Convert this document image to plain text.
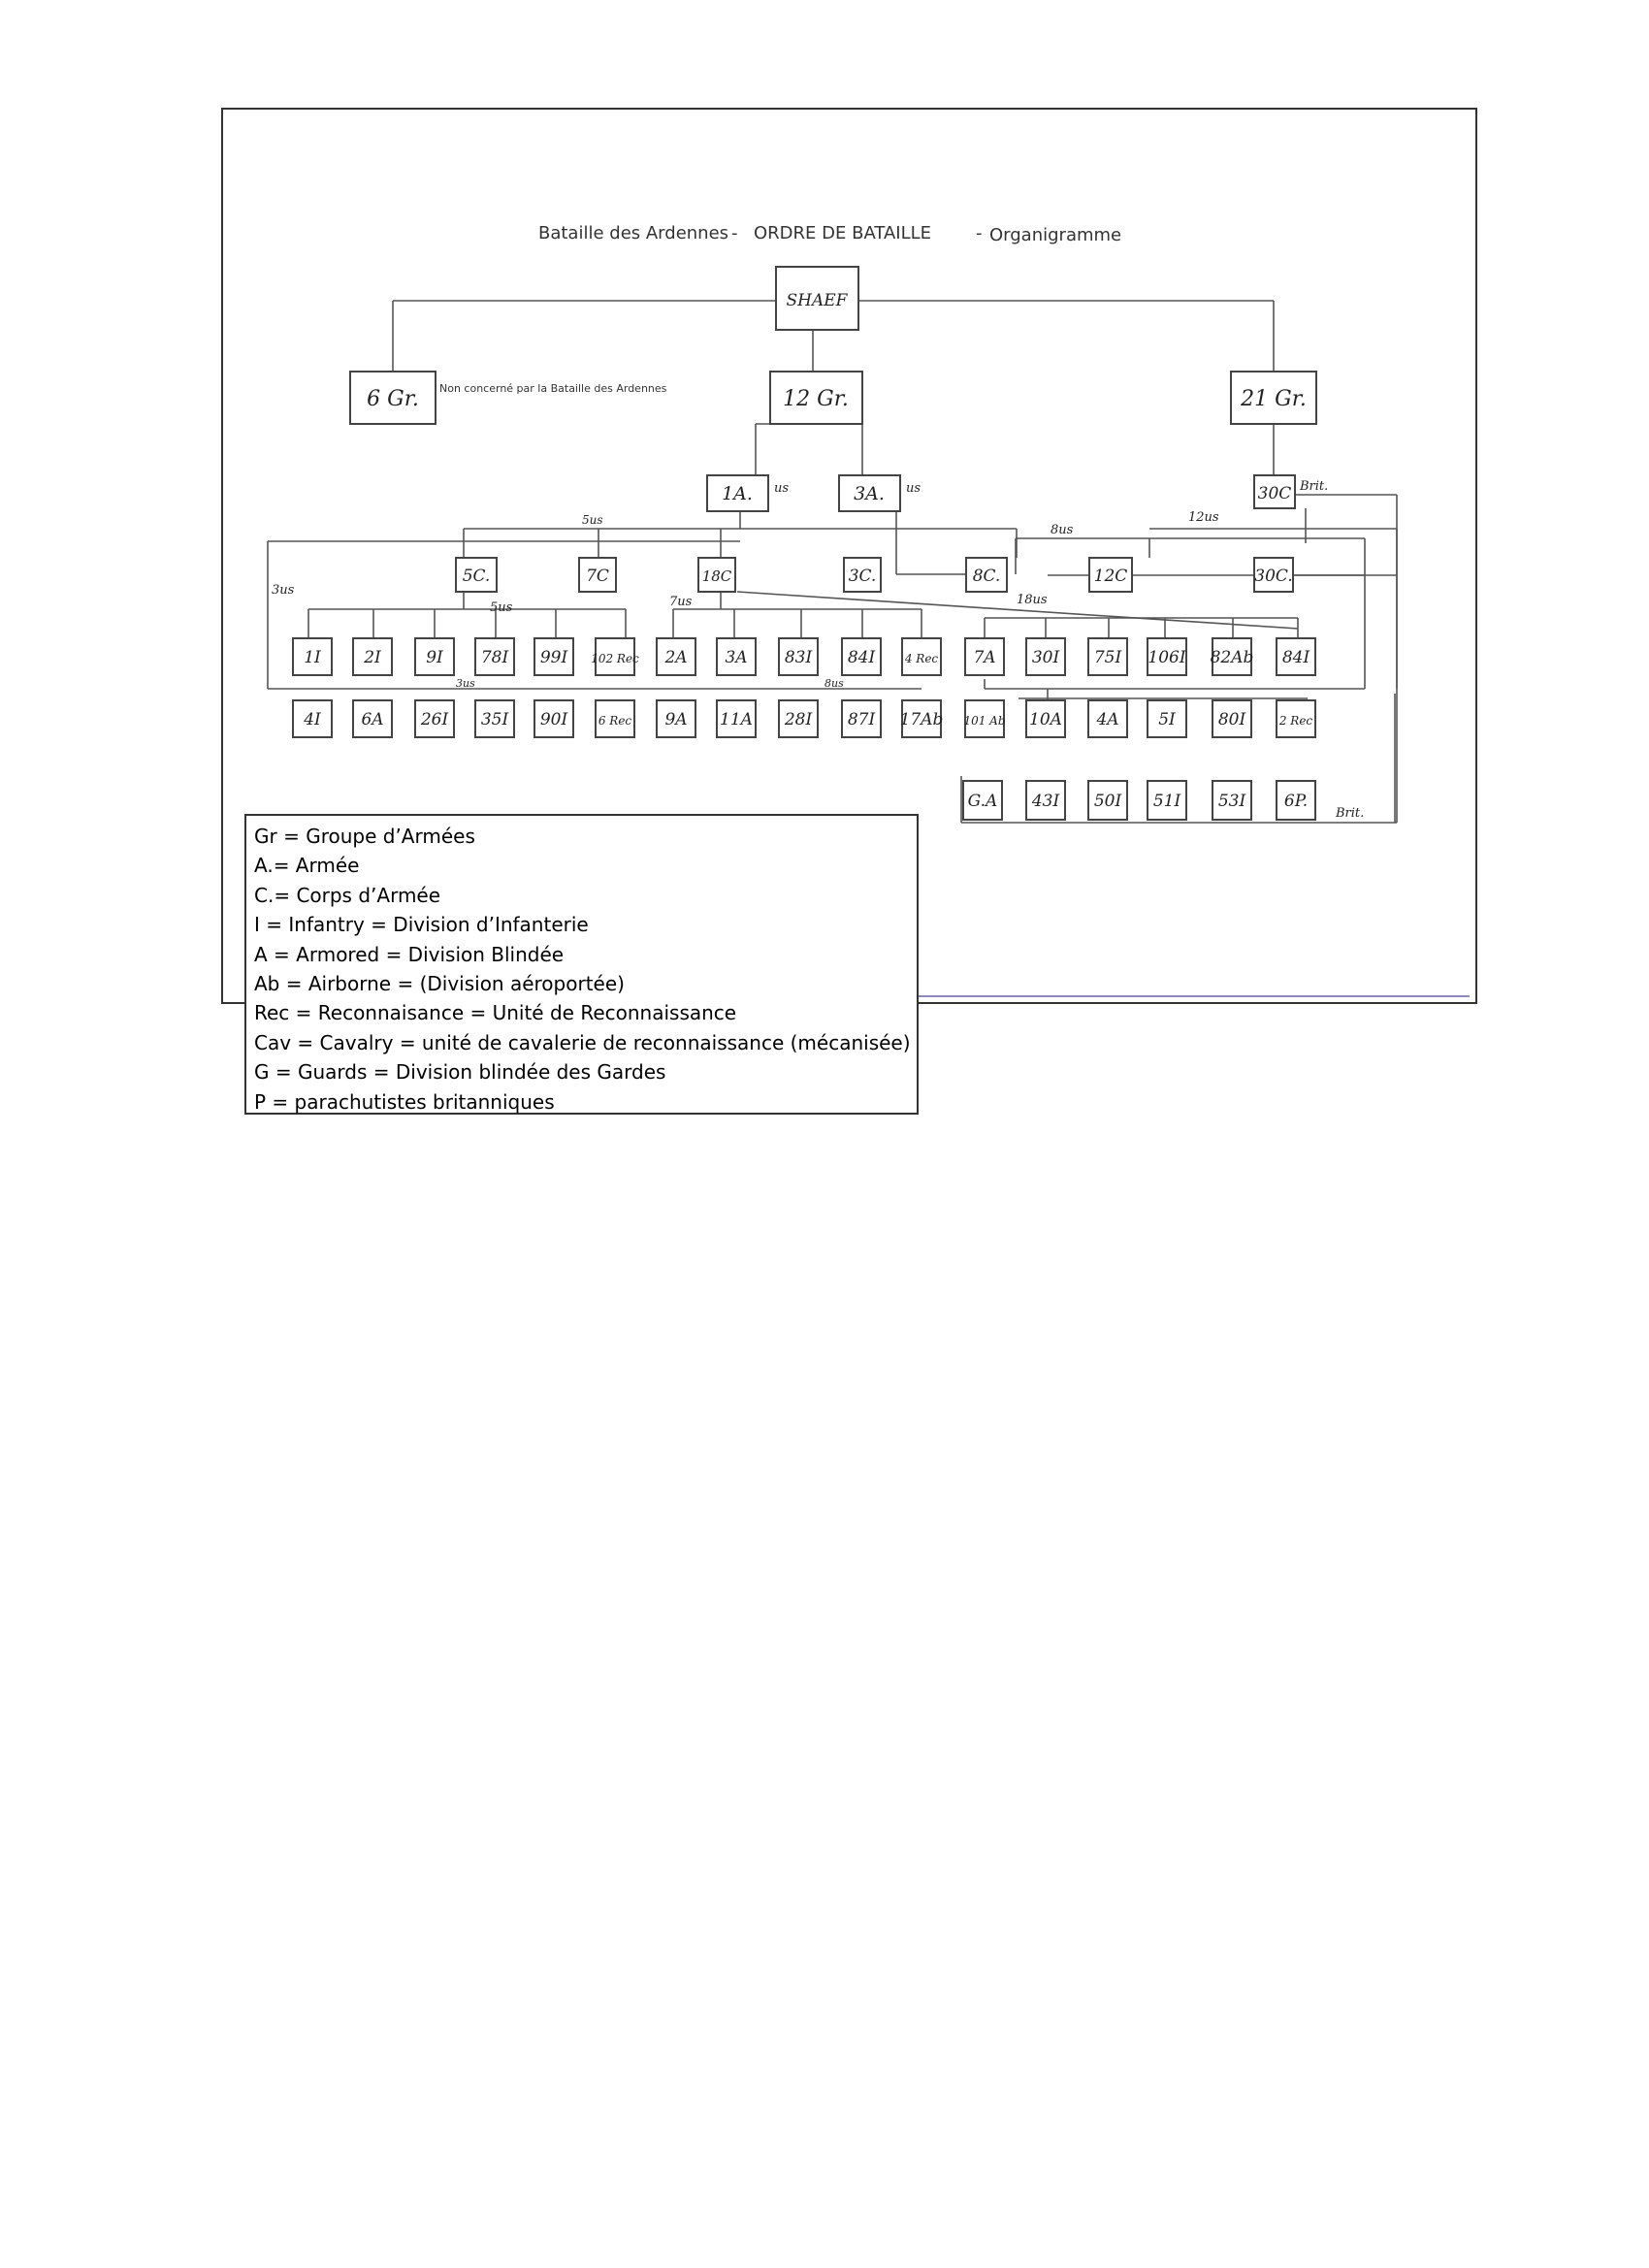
Bataille des Ardennes - ORDRE DE BATAILLE	- Organigramme
SHAEF
6 Gr. Non concerné par la Bataille des Ardennes	12 Gr.	21 Gr.
1A.	3A.	30C
5C.	7C	18C	3C.	8C.	12C	30C.
1I	2I	9I 78I 99I 102 Rec 2A 3A 83I 84I	4 Rec 7A 30I 75I 106I 82Ab 84I
4I 6A 26I 35I 90I	6 Rec 9A 11A 28I 87I 17Ab 101 Ab 10A 4A 5I	80I	2 Rec
G.A 43I 50I 51I 53I 6P.
us	us	Brit.
5us
8us
12us
3us
5us	7us	18us
3us	8us
Brit.
Gr = Groupe d’Armées
A.= Armée
C.= Corps d’Armée
I = Infantry = Division d’Infanterie
A = Armored = Division Blindée
Ab = Airborne = (Division aéroportée)
Rec = Reconnaisance = Unité de Reconnaissance
Cav = Cavalry = unité de cavalerie de reconnaissance (mécanisée)
G = Guards = Division blindée des Gardes
P = parachutistes britanniques
